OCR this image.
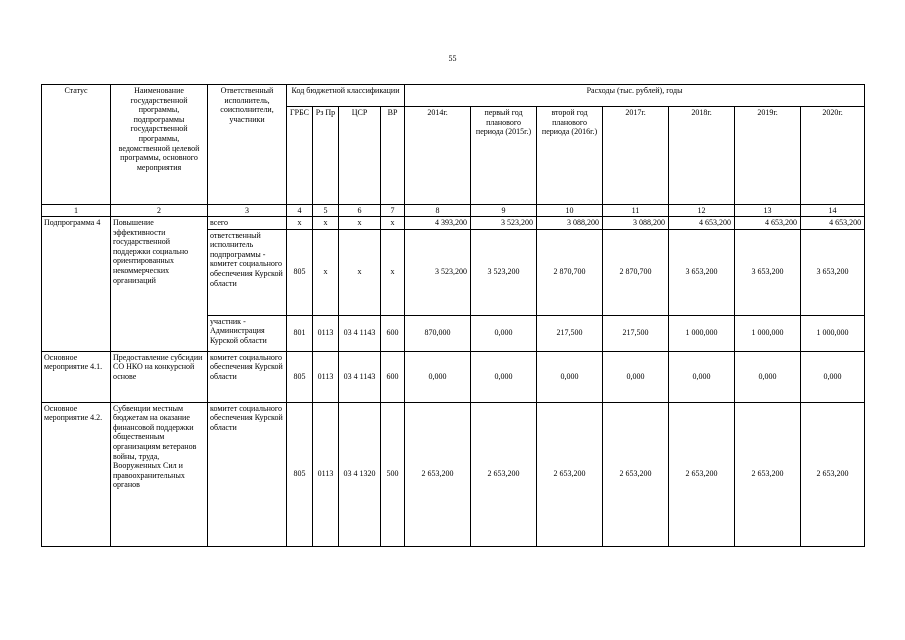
55
Статус	Наименование государственной программы, подпрограммы государственной программы, ведомственной целевой программы, основного мероприятия	Ответственный исполнитель, соисполнители, участники	Код бюджетной классификации				Расходы (тыс. рублей), годы						
			ГРБС	Рз Пр	ЦСР	ВР	2014г.	первый год планового периода (2015г.)	второй год планового периода (2016г.)	2017г.	2018г.	2019г.	2020г.
1	2	3	4	5	6	7	8	9	10	11	12	13	14
Подпрограмма 4	Повышение эффективности государственной поддержки социально ориентированных некоммерческих организаций	всего	х	х	х	х	4 393,200	3 523,200	3 088,200	3 088,200	4 653,200	4 653,200	4 653,200
		ответственный исполнитель подпрограммы - комитет социального обеспечения Курской области	805	х	х	х	3 523,200	3 523,200	2 870,700	2 870,700	3 653,200	3 653,200	3 653,200
		участник - Администрация Курской области	801	0113	03 4 1143	600	870,000	0,000	217,500	217,500	1 000,000	1 000,000	1 000,000
Основное мероприятие 4.1.	Предоставление субсидии СО НКО на конкурсной основе	комитет социального обеспечения Курской области	805	0113	03 4 1143	600	0,000	0,000	0,000	0,000	0,000	0,000	0,000
Основное мероприятие 4.2.	Субвенции местным бюджетам на оказание финансовой поддержки общественным организациям ветеранов войны, труда, Вооруженных Сил и правоохранительных органов	комитет социального обеспечения Курской области	805	0113	03 4 1320	500	2 653,200	2 653,200	2 653,200	2 653,200	2 653,200	2 653,200	2 653,200
